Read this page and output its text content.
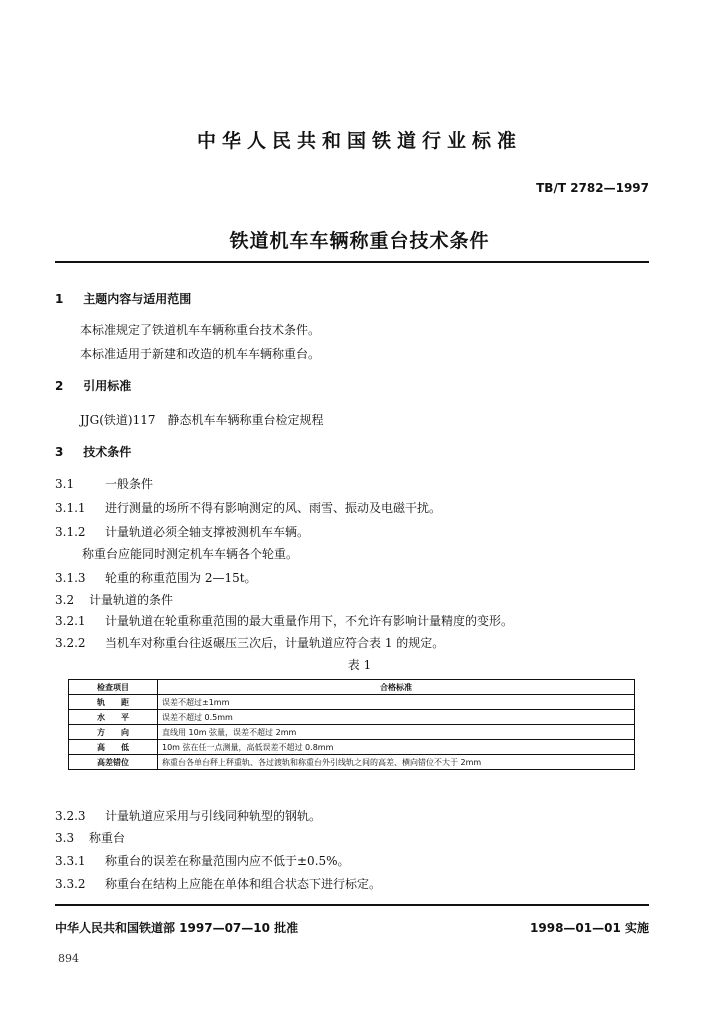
中华人民共和国铁道行业标准
TB/T 2782—1997
铁道机车车辆称重台技术条件
1 主题内容与适用范围
本标准规定了铁道机车车辆称重台技术条件。
本标准适用于新建和改造的机车车辆称重台。
2 引用标准
JJG(铁道)117　静态机车车辆称重台检定规程
3 技术条件
3.1	一般条件
3.1.1 进行测量的场所不得有影响测定的风、雨雪、振动及电磁干扰。
3.1.2 计量轨道必须全轴支撑被测机车车辆。
称重台应能同时测定机车车辆各个轮重。
3.1.3 轮重的称重范围为 2—15t。
3.2 计量轨道的条件
3.2.1 计量轨道在轮重称重范围的最大重量作用下，不允许有影响计量精度的变形。
3.2.2 当机车对称重台往返碾压三次后，计量轨道应符合表 1 的规定。
表 1
检查项目	合格标准
轨　　距	误差不超过±1mm
水　　平	误差不超过 0.5mm
方　　向	直线用 10m 弦量，误差不超过 2mm
高　　低	10m 弦在任一点测量，高低误差不超过 0.8mm
高差错位	称重台各单台秤上秤重轨、各过渡轨和称重台外引线轨之间的高差、横向错位不大于 2mm
3.2.3 计量轨道应采用与引线同种轨型的钢轨。
3.3 称重台
3.3.1 称重台的误差在称量范围内应不低于±0.5%。
3.3.2 称重台在结构上应能在单体和组合状态下进行标定。
中华人民共和国铁道部 1997—07—10 批准	1998—01—01 实施
894
